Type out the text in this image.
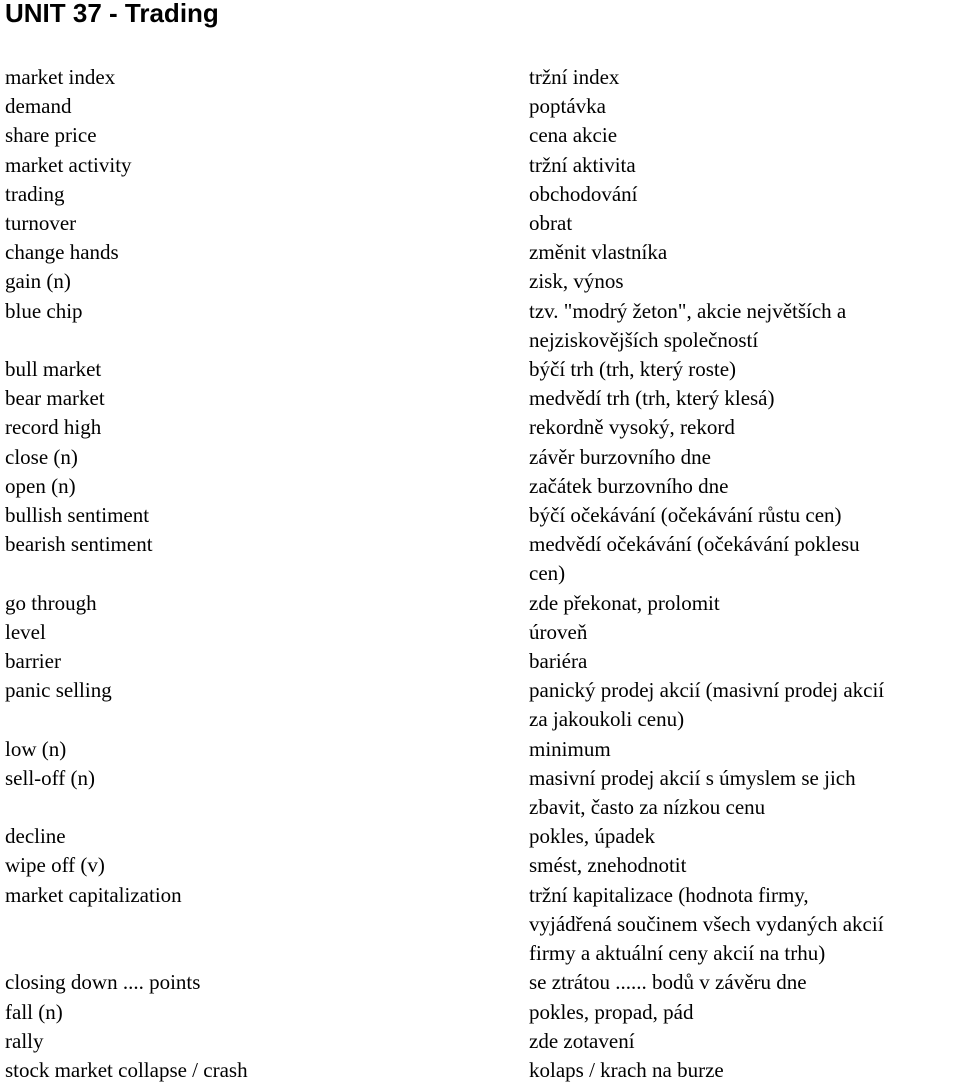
UNIT 37 - Trading
market index	tržní index
demand	poptávka
share price	cena akcie
market activity	tržní aktivita
trading	obchodování
turnover	obrat
change hands	změnit vlastníka
gain (n)	zisk, výnos
blue chip	tzv. "modrý žeton", akcie největších a
nejziskovějších společností
bull market	býčí trh (trh, který roste)
bear market	medvědí trh (trh, který klesá)
record high	rekordně vysoký, rekord
close (n)	závěr burzovního dne
open (n)	začátek burzovního dne
bullish sentiment	býčí očekávání (očekávání růstu cen)
bearish sentiment	medvědí očekávání (očekávání poklesu
cen)
go through	zde překonat, prolomit
level	úroveň
barrier	bariéra
panic selling	panický prodej akcií (masivní prodej akcií
za jakoukoli cenu)
low (n)	minimum
sell-off (n)	masivní prodej akcií s úmyslem se jich
zbavit, často za nízkou cenu
decline	pokles, úpadek
wipe off (v)	smést, znehodnotit
market capitalization	tržní kapitalizace (hodnota firmy,
vyjádřená součinem všech vydaných akcií
firmy a aktuální ceny akcií na trhu)
closing down .... points	se ztrátou ...... bodů v závěru dne
fall (n)	pokles, propad, pád
rally	zde zotavení
stock market collapse / crash	kolaps / krach na burze
